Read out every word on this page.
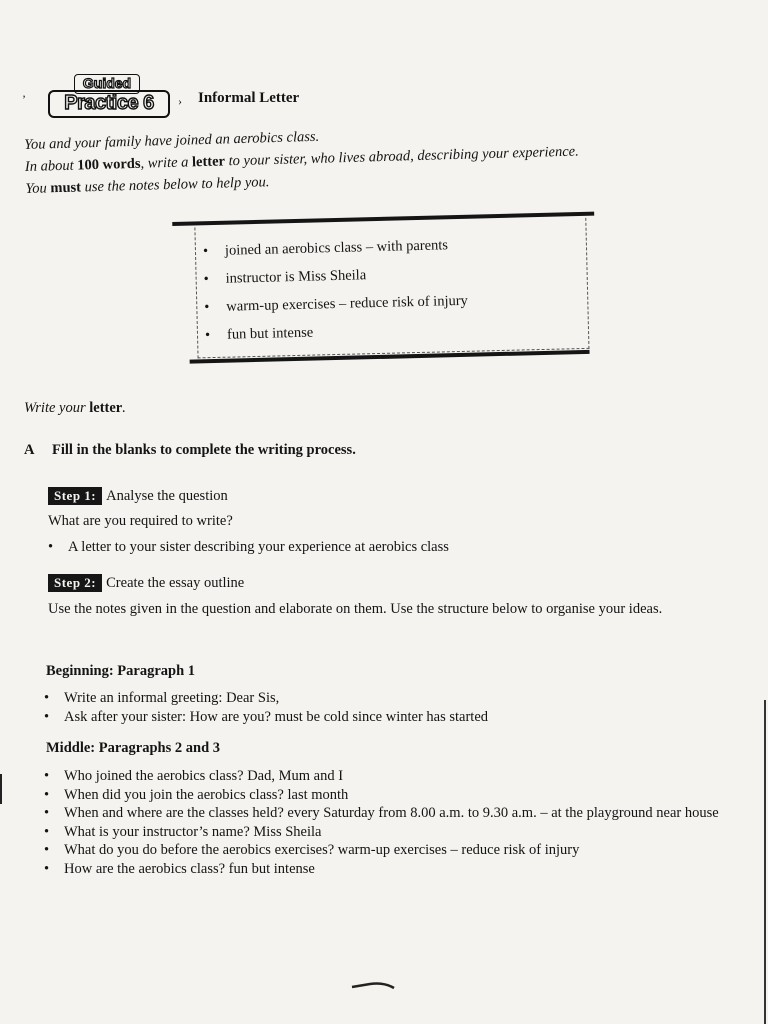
’
Guided
Practice 6	› Informal Letter
You and your family have joined an aerobics class.
In about 100 words, write a letter to your sister, who lives abroad, describing your experience.
You must use the notes below to help you.
• joined an aerobics class – with parents
• instructor is Miss Sheila
• warm-up exercises – reduce risk of injury
• fun but intense
Write your letter.
A Fill in the blanks to complete the writing process.
Step 1: Analyse the question
What are you required to write?
• A letter to your sister describing your experience at aerobics class
Step 2: Create the essay outline
Use the notes given in the question and elaborate on them. Use the structure below to organise your ideas.
Beginning: Paragraph 1
• Write an informal greeting: Dear Sis,
• Ask after your sister: How are you? must be cold since winter has started
Middle: Paragraphs 2 and 3
• Who joined the aerobics class? Dad, Mum and I
• When did you join the aerobics class? last month
• When and where are the classes held? every Saturday from 8.00 a.m. to 9.30 a.m. – at the playground near house
• What is your instructor’s name? Miss Sheila
• What do you do before the aerobics exercises? warm-up exercises – reduce risk of injury
• How are the aerobics class? fun but intense
